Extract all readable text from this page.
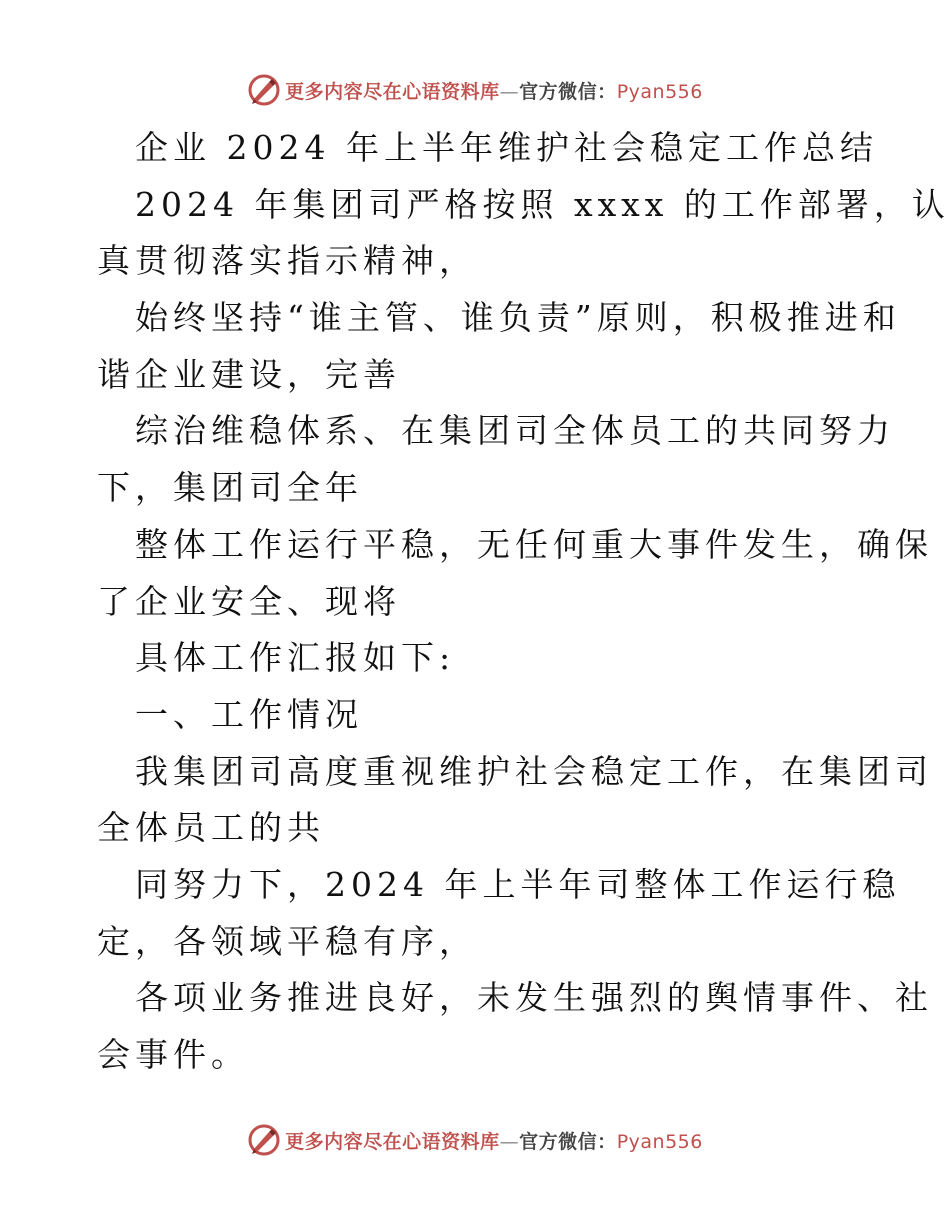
更多内容尽在心语资料库—官方微信：Pyan556
企业 2024 年上半年维护社会稳定工作总结
2024 年集团司严格按照 xxxx 的工作部署，认
真贯彻落实指示精神，
始终坚持“谁主管、谁负责”原则，积极推进和
谐企业建设，完善
综治维稳体系、在集团司全体员工的共同努力
下，集团司全年
整体工作运行平稳，无任何重大事件发生，确保
了企业安全、现将
具体工作汇报如下:
一、工作情况
我集团司高度重视维护社会稳定工作，在集团司
全体员工的共
同努力下，2024 年上半年司整体工作运行稳
定，各领域平稳有序，
各项业务推进良好，未发生强烈的舆情事件、社
会事件。
更多内容尽在心语资料库—官方微信：Pyan556
